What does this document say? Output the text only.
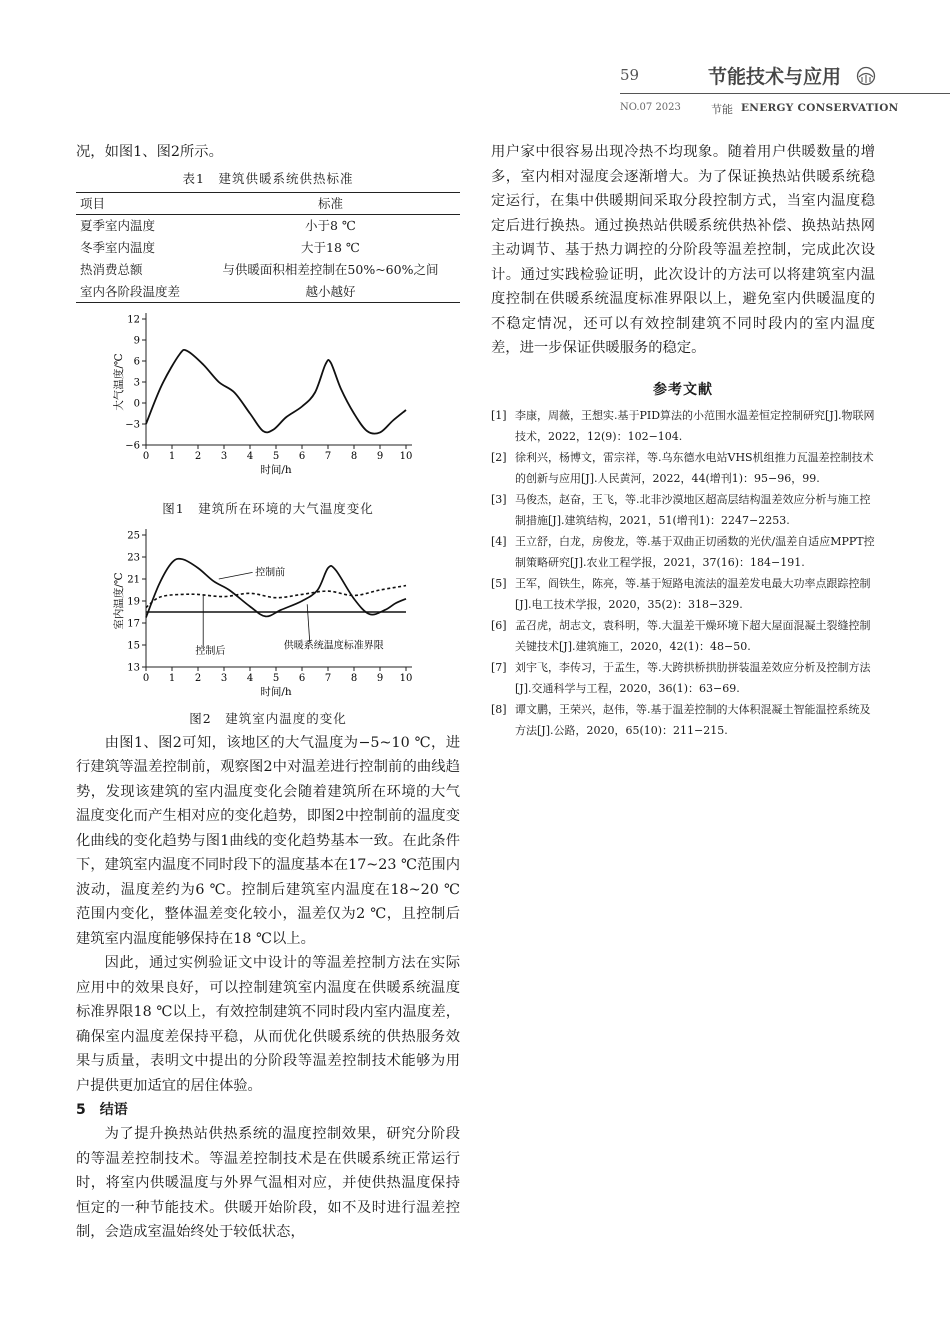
59	节能技术与应用
NO.07 2023	节能 ENERGY CONSERVATION

况，如图1、图2所示。

表1　建筑供暖系统供热标准
项目	标准
夏季室内温度	小于8 ℃
冬季室内温度	大于18 ℃
热消费总额	与供暖面积相差控制在50%~60%之间
室内各阶段温度差	越小越好
−6
−3
0
3
6
9
12
0 1 2 3 4 5 6 7 8 9 10
时间/h
大气温度/℃
图1　建筑所在环境的大气温度变化
13
15
17
19
21
23
25
0 1 2 3 4 5 6 7 8 9 10
时间/h
室内温度/℃	控制前
控制后	供暖系统温度标准界限
图2　建筑室内温度的变化

由图1、图2可知，该地区的大气温度为−5~10 ℃，进行建筑等温差控制前，观察图2中对温差进行控制前的曲线趋势，发现该建筑的室内温度变化会随着建筑所在环境的大气温度变化而产生相对应的变化趋势，即图2中控制前的温度变化曲线的变化趋势与图1曲线的变化趋势基本一致。在此条件下，建筑室内温度不同时段下的温度基本在17~23 ℃范围内波动，温度差约为6 ℃。控制后建筑室内温度在18~20 ℃范围内变化，整体温差变化较小，温差仅为2 ℃，且控制后建筑室内温度能够保持在18 ℃以上。

因此，通过实例验证文中设计的等温差控制方法在实际应用中的效果良好，可以控制建筑室内温度在供暖系统温度标准界限18 ℃以上，有效控制建筑不同时段内室内温度差，确保室内温度差保持平稳，从而优化供暖系统的供热服务效果与质量，表明文中提出的分阶段等温差控制技术能够为用户提供更加适宜的居住体验。

5　结语

为了提升换热站供热系统的温度控制效果，研究分阶段的等温差控制技术。等温差控制技术是在供暖系统正常运行时，将室内供暖温度与外界气温相对应，并使供热温度保持恒定的一种节能技术。供暖开始阶段，如不及时进行温差控制，会造成室温始终处于较低状态，

用户家中很容易出现冷热不均现象。随着用户供暖数量的增多，室内相对湿度会逐渐增大。为了保证换热站供暖系统稳定运行，在集中供暖期间采取分段控制方式，当室内温度稳定后进行换热。通过换热站供暖系统供热补偿、换热站热网主动调节、基于热力调控的分阶段等温差控制，完成此次设计。通过实践检验证明，此次设计的方法可以将建筑室内温度控制在供暖系统温度标准界限以上，避免室内供暖温度的不稳定情况，还可以有效控制建筑不同时段内的室内温度差，进一步保证供暖服务的稳定。

参考文献
[1] 李康，周薇，王想实.基于PID算法的小范围水温差恒定控制研究[J].物联网技术，2022，12(9)：102−104.
[2] 徐利兴，杨博文，雷宗祥，等.乌东德水电站VHS机组推力瓦温差控制技术的创新与应用[J].人民黄河，2022，44(增刊1)：95−96，99.
[3] 马俊杰，赵奋，王飞，等.北非沙漠地区超高层结构温差效应分析与施工控制措施[J].建筑结构，2021，51(增刊1)：2247−2253.
[4] 王立舒，白龙，房俊龙，等.基于双曲正切函数的光伏/温差自适应MPPT控制策略研究[J].农业工程学报，2021，37(16)：184−191.
[5] 王军，阎铁生，陈亮，等.基于短路电流法的温差发电最大功率点跟踪控制[J].电工技术学报，2020，35(2)：318−329.
[6] 孟召虎，胡志文，袁科明，等.大温差干燥环境下超大屋面混凝土裂缝控制关键技术[J].建筑施工，2020，42(1)：48−50.
[7] 刘宇飞，李传习，于孟生，等.大跨拱桥拱肋拼装温差效应分析及控制方法[J].交通科学与工程，2020，36(1)：63−69.
[8] 谭文鹏，王荣兴，赵伟，等.基于温差控制的大体积混凝土智能温控系统及方法[J].公路，2020，65(10)：211−215.
